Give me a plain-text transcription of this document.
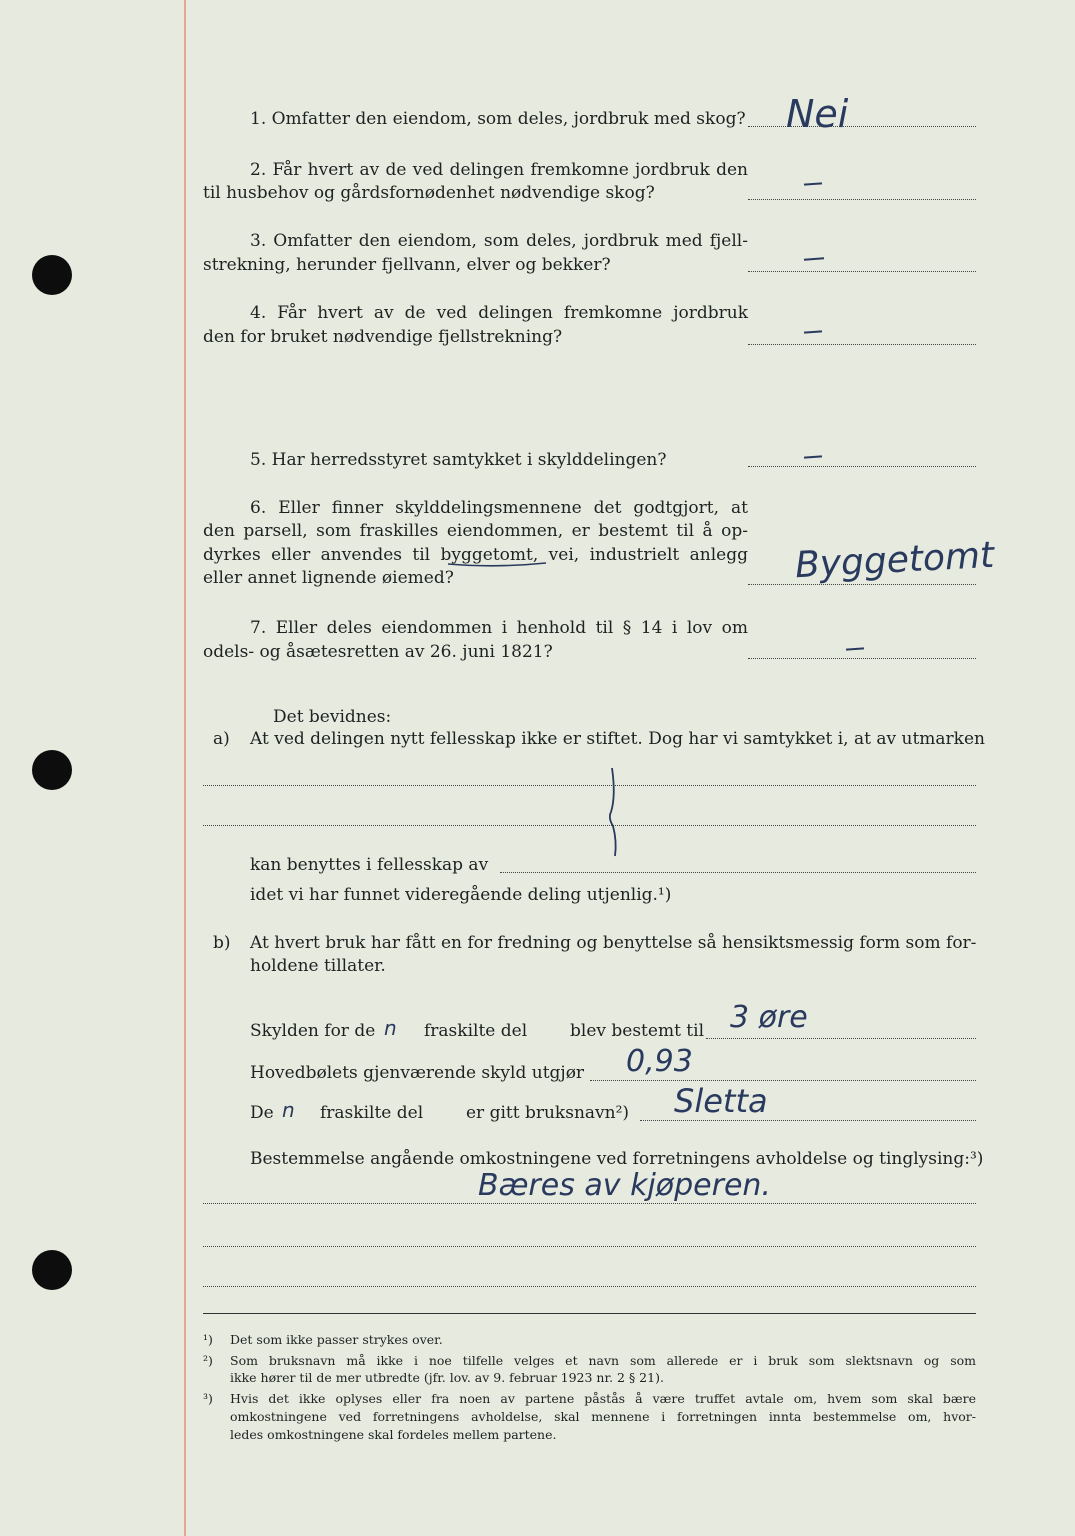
1. Omfatter den eiendom, som deles, jordbruk med skog? Nei
2. Får hvert av de ved delingen fremkomne jordbruk den
til husbehov og gårdsfornødenhet nødvendige skog?
3. Omfatter den eiendom, som deles, jordbruk med fjell-
strekning, herunder fjellvann, elver og bekker?
4. Får hvert av de ved delingen fremkomne jordbruk
den for bruket nødvendige fjellstrekning?
5. Har herredsstyret samtykket i skylddelingen?
6. Eller finner skylddelingsmennene det godtgjort, at
den parsell, som fraskilles eiendommen, er bestemt til å op-
dyrkes eller anvendes til byggetomt, vei, industrielt anlegg
eller annet lignende øiemed?	Byggetomt
7. Eller deles eiendommen i henhold til § 14 i lov om
odels- og åsætesretten av 26. juni 1821?
Det bevidnes:
a) At ved delingen nytt fellesskap ikke er stiftet. Dog har vi samtykket i, at av utmarken
kan benyttes i fellesskap av
idet vi har funnet videregående deling utjenlig.¹)
b) At hvert bruk har fått en for fredning og benyttelse så hensiktsmessig form som for-
holdene tillater.
Skylden for de n fraskilte del	blev bestemt til 3 øre
Hovedbølets gjenværende skyld utgjør 0,93
De n fraskilte del	er gitt bruksnavn²) Slettа
Bestemmelse angående omkostningene ved forretningens avholdelse og tinglysing:³)
Bæres av kjøperen.
¹) Det som ikke passer strykes over.
²) Som bruksnavn må ikke i noe tilfelle velges et navn som allerede er i bruk som slektsnavn og som
ikke hører til de mer utbredte (jfr. lov. av 9. februar 1923 nr. 2 § 21).
³) Hvis det ikke oplyses eller fra noen av partene påstås å være truffet avtale om, hvem som skal bære
omkostningene ved forretningens avholdelse, skal mennene i forretningen innta bestemmelse om, hvor-
ledes omkostningene skal fordeles mellem partene.
